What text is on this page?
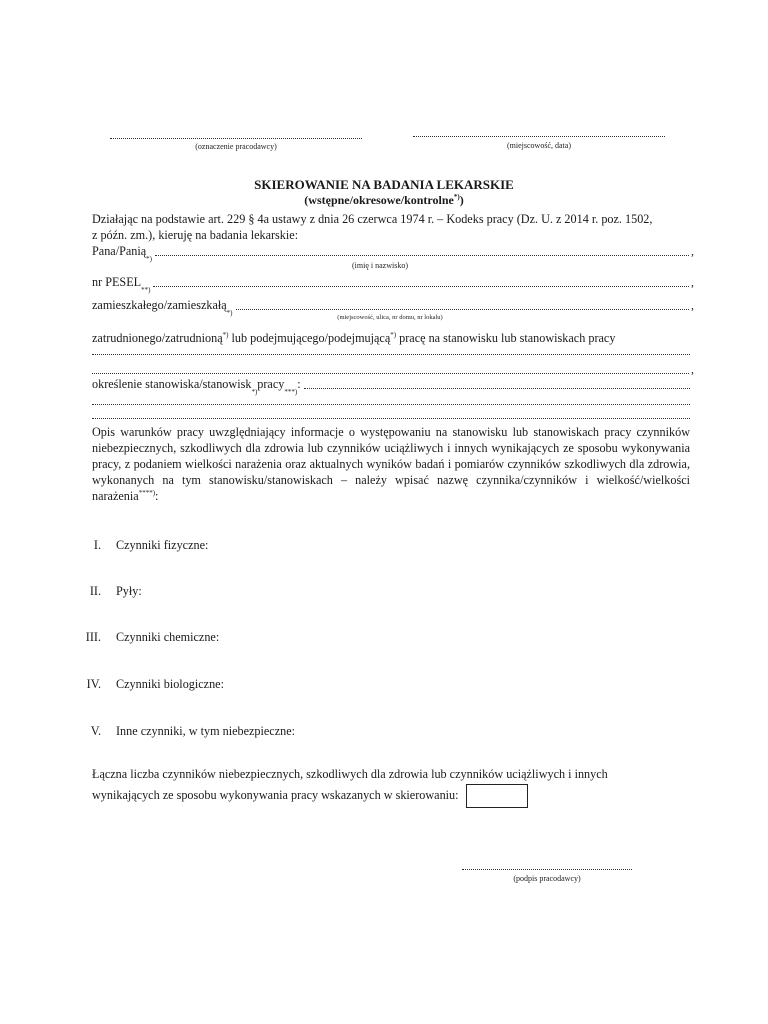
(oznaczenie pracodawcy)	(miejscowość, data)
SKIEROWANIE NA BADANIA LEKARSKIE
(wstępne/okresowe/kontrolne*))
Działając na podstawie art. 229 § 4a ustawy z dnia 26 czerwca 1974 r. – Kodeks pracy (Dz. U. z 2014 r. poz. 1502,
z późn. zm.), kieruję na badania lekarskie:
Pana/Panią
*)
,
(imię i nazwisko)
nr PESEL
**)
,
zamieszkałego/zamieszkałą
*)
,
(miejscowość, ulica, nr domu, nr lokalu)
zatrudnionego/zatrudnioną*) lub podejmującego/podejmującą*) pracę na stanowisku lub stanowiskach pracy
,
określenie stanowiska/stanowisk
*)
pracy
***)
:
Opis warunków pracy uwzględniający informacje o występowaniu na stanowisku lub stanowiskach pracy czynników niebezpiecznych, szkodliwych dla zdrowia lub czynników uciążliwych i innych wynikających ze sposobu wykonywania pracy, z podaniem wielkości narażenia oraz aktualnych wyników badań i pomiarów czynników szkodliwych dla zdrowia, wykonanych na tym stanowisku/stanowiskach – należy wpisać nazwę czynnika/czynników i wielkość/wielkości narażenia****):
I.	Czynniki fizyczne:
II.	Pyły:
III.	Czynniki chemiczne:
IV.	Czynniki biologiczne:
V.	Inne czynniki, w tym niebezpieczne:
Łączna liczba czynników niebezpiecznych, szkodliwych dla zdrowia lub czynników uciążliwych i innych
wynikających ze sposobu wykonywania pracy wskazanych w skierowaniu:
(podpis pracodawcy)
